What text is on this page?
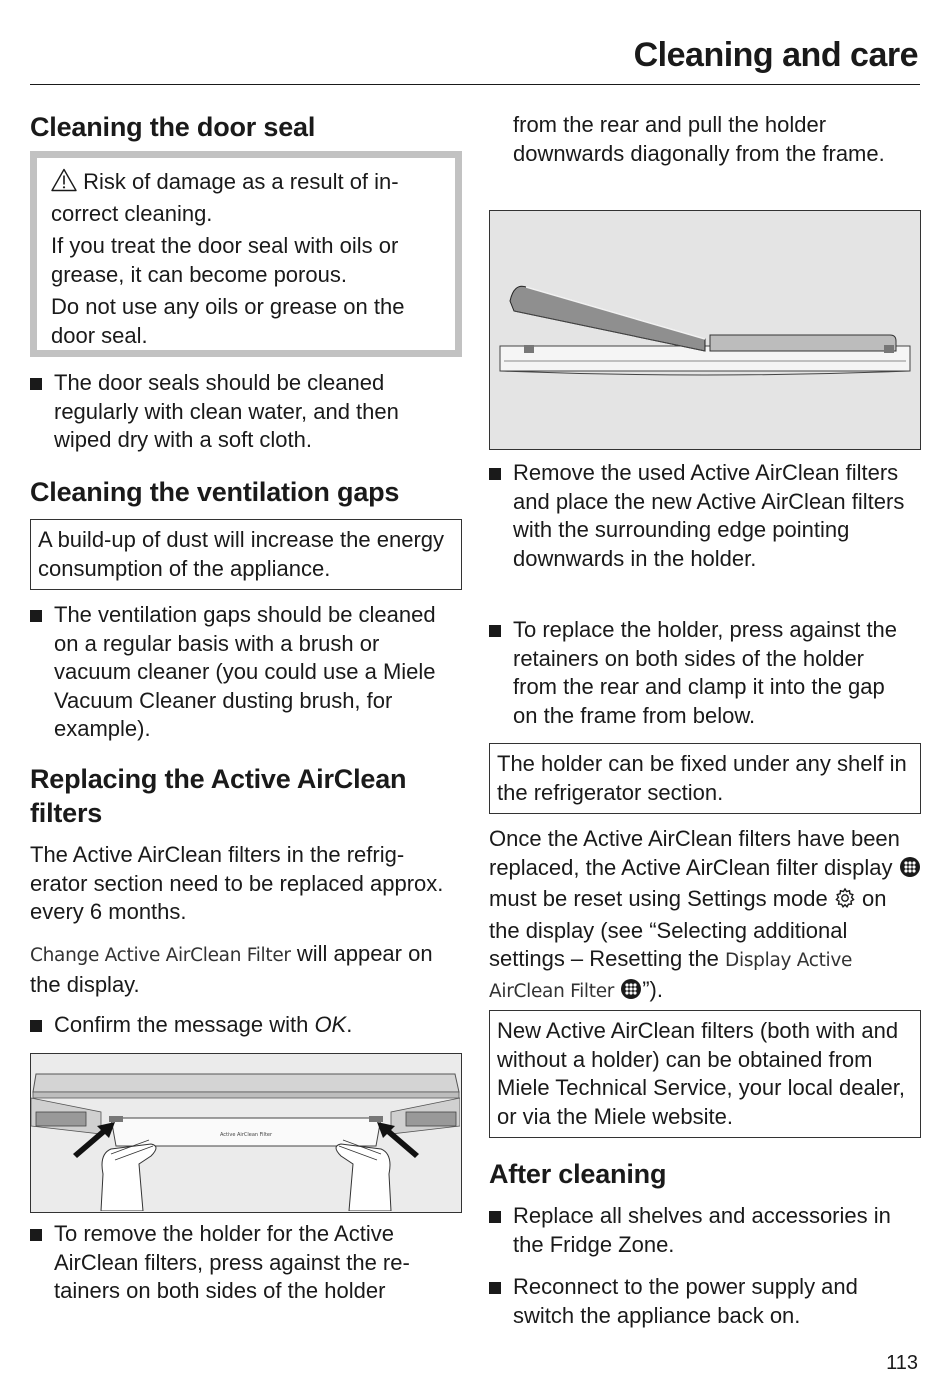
Cleaning and care
Cleaning the door seal

Risk of damage as a result of in-
correct cleaning.

If you treat the door seal with oils or grease, it can become porous.

Do not use any oils or grease on the door seal.

The door seals should be cleaned regularly with clean water, and then wiped dry with a soft cloth.

Cleaning the ventilation gaps

A build-up of dust will increase the energy consumption of the appliance.

The ventilation gaps should be cleaned on a regular basis with a brush or vacuum cleaner (you could use a Miele Vacuum Cleaner dusting brush, for example).

Replacing the Active AirClean
filters

The Active AirClean filters in the refrigerator section need to be replaced approx. every 6 months.

Change Active AirClean Filter will appear on the display.

Confirm the message with OK.

Active AirClean Filter

To remove the holder for the Active AirClean filters, press against the retainers on both sides of the holder

from the rear and pull the holder downwards diagonally from the frame.

Remove the used Active AirClean filters and place the new Active AirClean filters with the surrounding edge pointing downwards in the holder.

To replace the holder, press against the retainers on both sides of the holder from the rear and clamp it into the gap on the frame from below.

The holder can be fixed under any shelf in the refrigerator section.

Once the Active AirClean filters have been replaced, the Active AirClean filter display  must be reset using Settings mode  on the display (see “Selecting additional settings – Resetting the Display Active AirClean Filter ”).

New Active AirClean filters (both with and without a holder) can be obtained from Miele Technical Service, your local dealer, or via the Miele website.

After cleaning

Replace all shelves and accessories in the Fridge Zone.

Reconnect to the power supply and switch the appliance back on.

113
